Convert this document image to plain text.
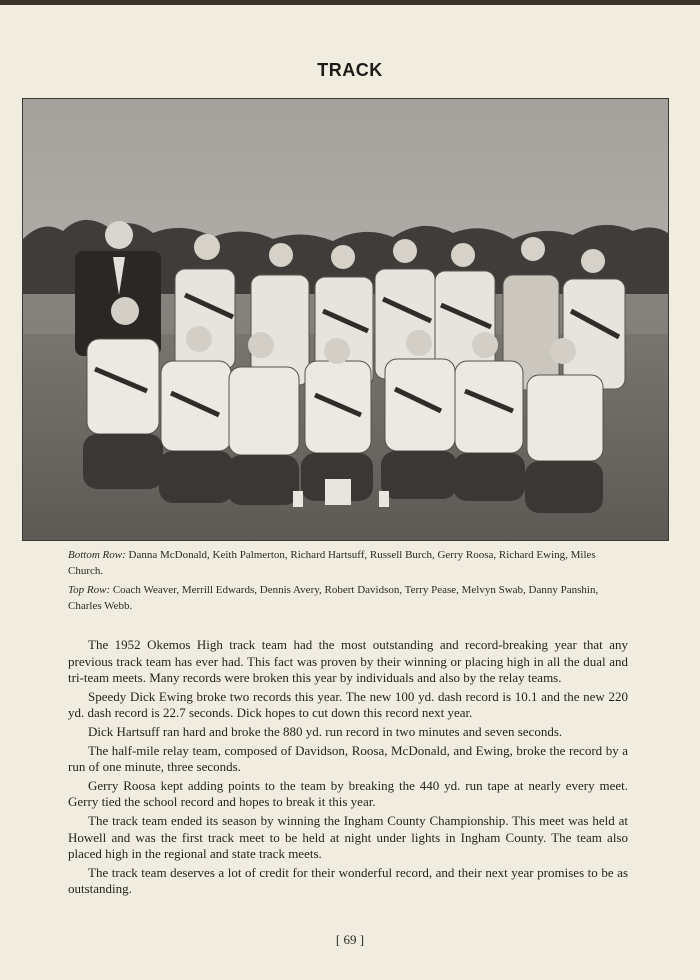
TRACK
Bottom Row: Danna McDonald, Keith Palmerton, Richard Hartsuff, Russell Burch, Gerry Roosa, Richard Ewing, Miles Church.
Top Row: Coach Weaver, Merrill Edwards, Dennis Avery, Robert Davidson, Terry Pease, Melvyn Swab, Danny Panshin, Charles Webb.

The 1952 Okemos High track team had the most outstanding and record-breaking year that any previous track team has ever had. This fact was proven by their winning or placing high in all the dual and tri-team meets. Many records were broken this year by individuals and also by the relay teams.

Speedy Dick Ewing broke two records this year. The new 100 yd. dash record is 10.1 and the new 220 yd. dash record is 22.7 seconds. Dick hopes to cut down this record next year.

Dick Hartsuff ran hard and broke the 880 yd. run record in two minutes and seven seconds.

The half-mile relay team, composed of Davidson, Roosa, McDonald, and Ewing, broke the record by a run of one minute, three seconds.

Gerry Roosa kept adding points to the team by breaking the 440 yd. run tape at nearly every meet. Gerry tied the school record and hopes to break it this year.

The track team ended its season by winning the Ingham County Championship. This meet was held at Howell and was the first track meet to be held at night under lights in Ingham County. The team also placed high in the regional and state track meets.

The track team deserves a lot of credit for their wonderful record, and their next year promises to be as outstanding.

[ 69 ]
